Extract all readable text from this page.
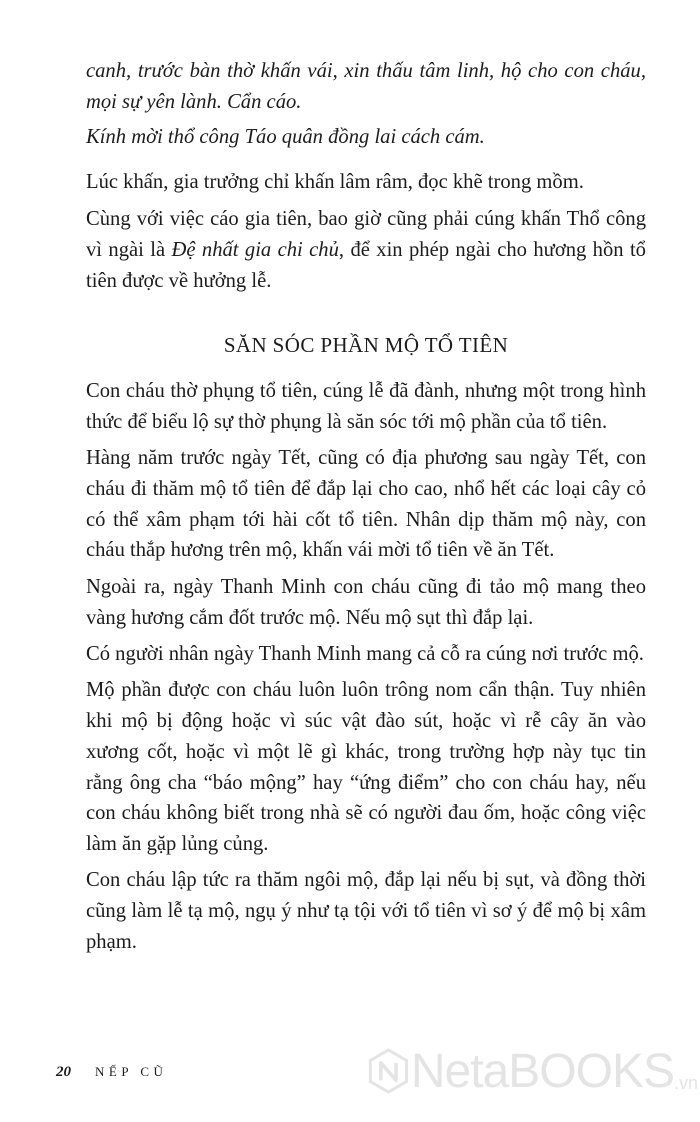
canh, trước bàn thờ khấn vái, xin thấu tâm linh, hộ cho con cháu, mọi sự yên lành. Cẩn cáo.

Kính mời thổ công Táo quân đồng lai cách cám.

Lúc khấn, gia trưởng chỉ khấn lâm râm, đọc khẽ trong mồm.

Cùng với việc cáo gia tiên, bao giờ cũng phải cúng khấn Thổ công vì ngài là Đệ nhất gia chi chủ, để xin phép ngài cho hương hồn tổ tiên được về hưởng lễ.

SĂN SÓC PHẦN MỘ TỔ TIÊN

Con cháu thờ phụng tổ tiên, cúng lễ đã đành, nhưng một trong hình thức để biểu lộ sự thờ phụng là săn sóc tới mộ phần của tổ tiên.

Hàng năm trước ngày Tết, cũng có địa phương sau ngày Tết, con cháu đi thăm mộ tổ tiên để đắp lại cho cao, nhổ hết các loại cây cỏ có thể xâm phạm tới hài cốt tổ tiên. Nhân dịp thăm mộ này, con cháu thắp hương trên mộ, khấn vái mời tổ tiên về ăn Tết.

Ngoài ra, ngày Thanh Minh con cháu cũng đi tảo mộ mang theo vàng hương cắm đốt trước mộ. Nếu mộ sụt thì đắp lại.

Có người nhân ngày Thanh Minh mang cả cỗ ra cúng nơi trước mộ.

Mộ phần được con cháu luôn luôn trông nom cẩn thận. Tuy nhiên khi mộ bị động hoặc vì súc vật đào sút, hoặc vì rễ cây ăn vào xương cốt, hoặc vì một lẽ gì khác, trong trường hợp này tục tin rằng ông cha “báo mộng” hay “ứng điểm” cho con cháu hay, nếu con cháu không biết trong nhà sẽ có người đau ốm, hoặc công việc làm ăn gặp lủng củng.

Con cháu lập tức ra thăm ngôi mộ, đắp lại nếu bị sụt, và đồng thời cũng làm lễ tạ mộ, ngụ ý như tạ tội với tổ tiên vì sơ ý để mộ bị xâm phạm.

20 NẾP CŨ	NetaBOOKS .vn
